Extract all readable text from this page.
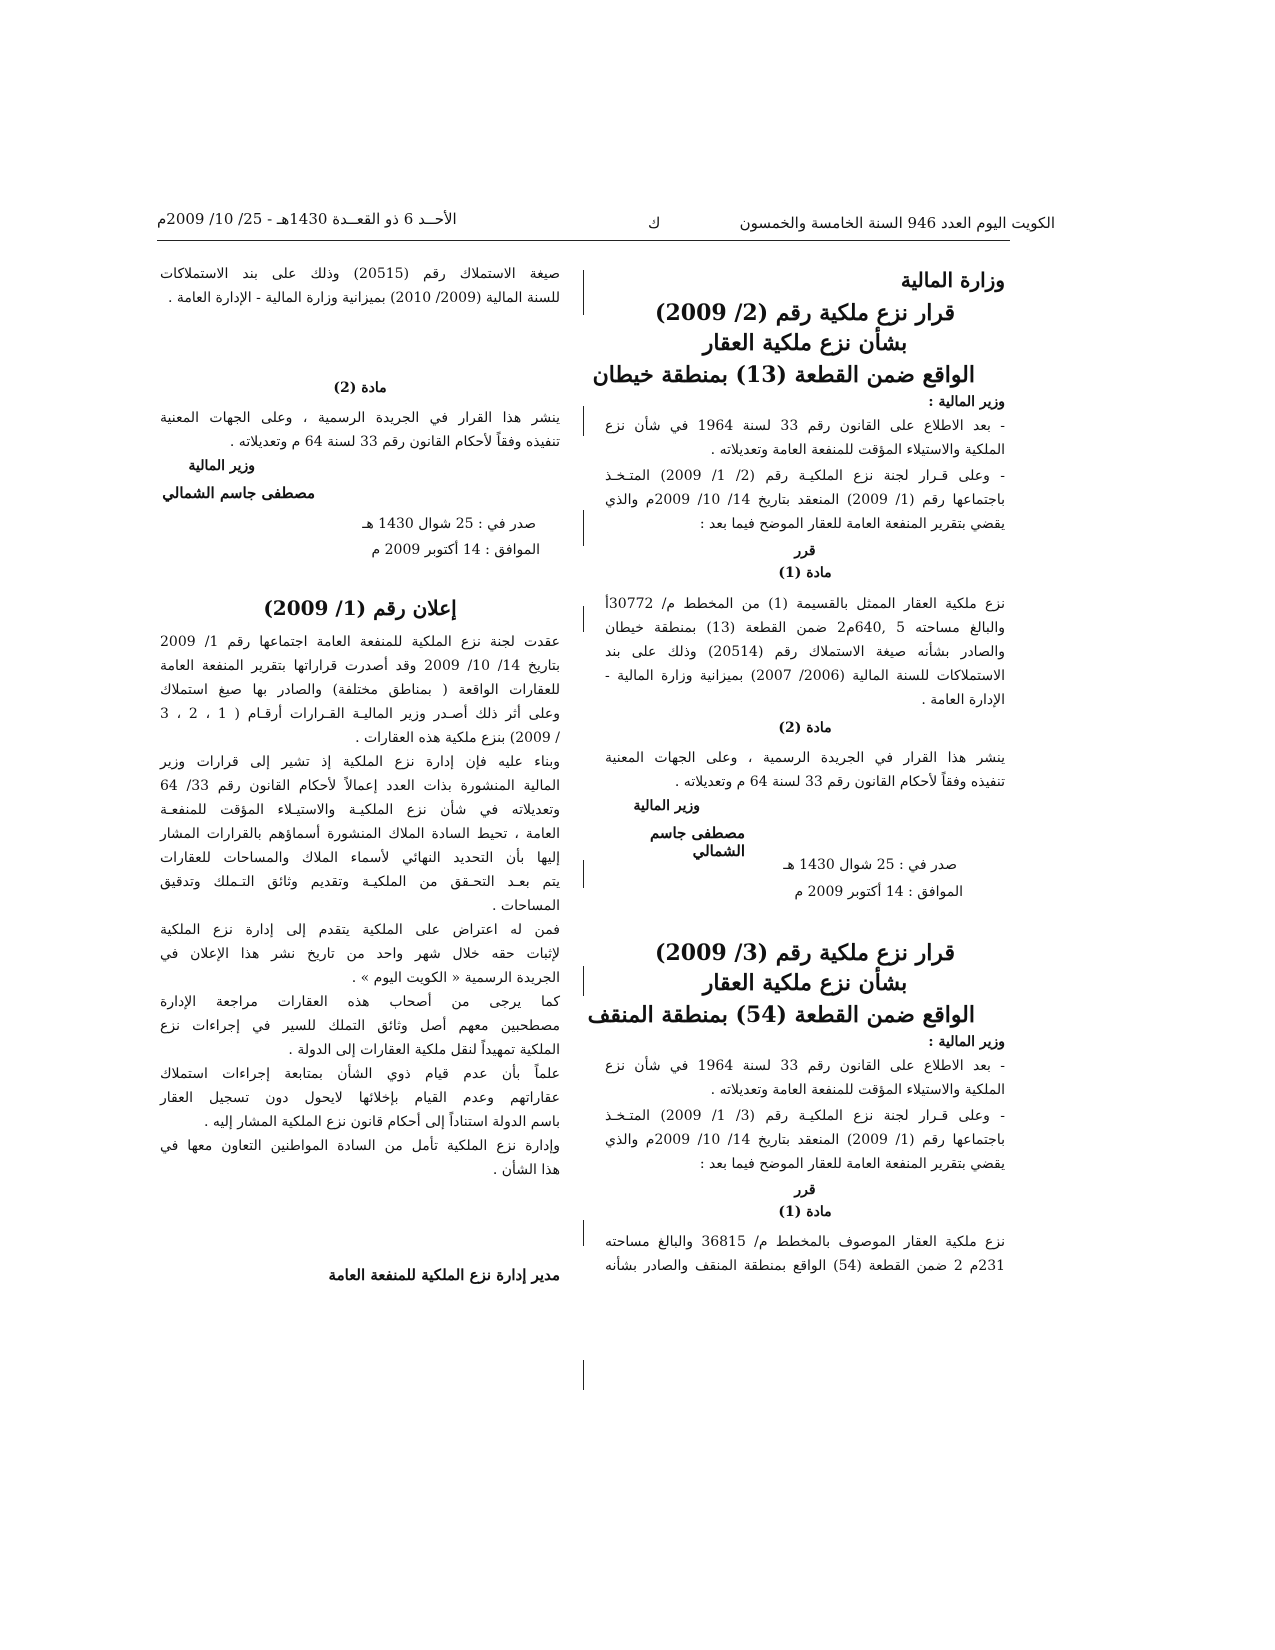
الكويت اليوم العدد 946 السنة الخامسة والخمسون
ك
الأحــد 6 ذو القعــدة 1430هـ - 25/ 10/ 2009م
وزارة المالية
قرار نزع ملكية رقم (2/ 2009)
بشأن نزع ملكية العقار
الواقع ضمن القطعة (13) بمنطقة خيطان
وزير المالية :
- بعد الاطلاع على القانون رقم 33 لسنة 1964 في شأن نزع
الملكية والاستيلاء المؤقت للمنفعة العامة وتعديلاته .
- وعلى قـرار لجنة نزع الملكيـة رقم (2/ 1/ 2009) المتـخـذ
باجتماعها رقم (1/ 2009) المنعقد بتاريخ 14/ 10/ 2009م والذي
يقضي بتقرير المنفعة العامة للعقار الموضح فيما بعد :
قرر
مادة (1)
نزع ملكية العقار الممثل بالقسيمة (1) من المخطط م/ 30772أ
والبالغ مساحته 5 ,640م2 ضمن القطعة (13) بمنطقة خيطان
والصادر بشأنه صيغة الاستملاك رقم (20514) وذلك على بند
الاستملاكات للسنة المالية (2006/ 2007) بميزانية وزارة المالية -
الإدارة العامة .
مادة (2)
ينشر هذا القرار في الجريدة الرسمية ، وعلى الجهات المعنية
تنفيذه وفقاً لأحكام القانون رقم 33 لسنة 64 م وتعديلاته .
وزير المالية
مصطفى جاسم الشمالي
صدر في : 25 شوال 1430 هـ
الموافق : 14 أكتوبر 2009 م
قرار نزع ملكية رقم (3/ 2009)
بشأن نزع ملكية العقار
الواقع ضمن القطعة (54) بمنطقة المنقف
وزير المالية :
- بعد الاطلاع على القانون رقم 33 لسنة 1964 في شأن نزع
الملكية والاستيلاء المؤقت للمنفعة العامة وتعديلاته .
- وعلى قـرار لجنة نزع الملكيـة رقم (3/ 1/ 2009) المتـخـذ
باجتماعها رقم (1/ 2009) المنعقد بتاريخ 14/ 10/ 2009م والذي
يقضي بتقرير المنفعة العامة للعقار الموضح فيما بعد :
قرر
مادة (1)
نزع ملكية العقار الموصوف بالمخطط م/ 36815 والبالغ مساحته
231م 2 ضمن القطعة (54) الواقع بمنطقة المنقف والصادر بشأنه
صيغة الاستملاك رقم (20515) وذلك على بند الاستملاكات
للسنة المالية (2009/ 2010) بميزانية وزارة المالية - الإدارة العامة .
مادة (2)
ينشر هذا القرار في الجريدة الرسمية ، وعلى الجهات المعنية
تنفيذه وفقاً لأحكام القانون رقم 33 لسنة 64 م وتعديلاته .
وزير المالية
مصطفى جاسم الشمالي
صدر في : 25 شوال 1430 هـ
الموافق : 14 أكتوبر 2009 م
إعلان رقم (1/ 2009)
عقدت لجنة نزع الملكية للمنفعة العامة اجتماعها رقم 1/ 2009
بتاريخ 14/ 10/ 2009 وقد أصدرت قراراتها بتقرير المنفعة العامة
للعقارات الواقعة ( بمناطق مختلفة) والصادر بها صيغ استملاك
وعلى أثر ذلك أصـدر وزير الماليـة القـرارات أرقـام ( 1 ، 2 ، 3
/ 2009) بنزع ملكية هذه العقارات .
وبناء عليه فإن إدارة نزع الملكية إذ تشير إلى قرارات وزير
المالية المنشورة بذات العدد إعمالاً لأحكام القانون رقم 33/ 64
وتعديلاته في شأن نزع الملكيـة والاستيـلاء المؤقت للمنفعـة
العامة ، تحيط السادة الملاك المنشورة أسماؤهم بالقرارات المشار
إليها بأن التحديد النهائي لأسماء الملاك والمساحات للعقارات
يتم بعـد التحـقق من الملكيـة وتقديم وثائق التـملك وتدقيق
المساحات .
فمن له اعتراض على الملكية يتقدم إلى إدارة نزع الملكية
لإثبات حقه خلال شهر واحد من تاريخ نشر هذا الإعلان في
الجريدة الرسمية « الكويت اليوم » .
كما يرجى من أصحاب هذه العقارات مراجعة الإدارة
مصطحبين معهم أصل وثائق التملك للسير في إجراءات نزع
الملكية تمهيداً لنقل ملكية العقارات إلى الدولة .
علماً بأن عدم قيام ذوي الشأن بمتابعة إجراءات استملاك
عقاراتهم وعدم القيام بإخلائها لايحول دون تسجيل العقار
باسم الدولة استناداً إلى أحكام قانون نزع الملكية المشار إليه .
وإدارة نزع الملكية تأمل من السادة المواطنين التعاون معها في
هذا الشأن .
مدير إدارة نزع الملكية للمنفعة العامة
